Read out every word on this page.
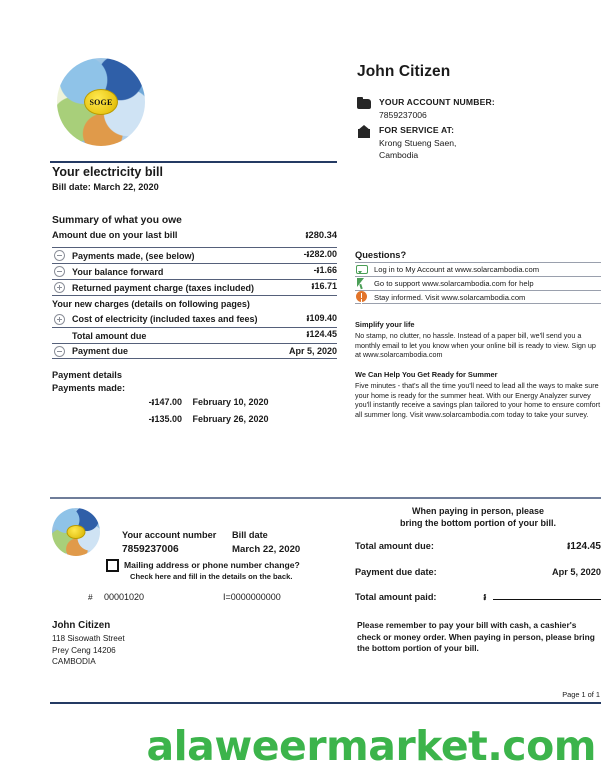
SOGE
John Citizen
YOUR ACCOUNT NUMBER:
7859237006
FOR SERVICE AT:
Krong Stueng Saen,
Cambodia
Your electricity bill
Bill date: March 22, 2020
Summary of what you owe
Amount due on your last bill	៛280.34
Payments made, (see below)	-៛282.00
Your balance forward	-៛1.66
Returned payment charge (taxes included)	៛16.71
Your new charges (details on following pages)
Cost of electricity (included taxes and fees)	៛109.40
Total amount due	៛124.45
Payment due	Apr 5, 2020
Payment details
Payments made:
-៛147.00 February 10, 2020
-៛135.00 February 26, 2020
Questions?
Log in to My Account at www.solarcambodia.com
Go to support www.solarcambodia.com for help
Stay informed. Visit www.solarcambodia.com
Simplify your life

No stamp, no clutter, no hassle. Instead of a paper bill, we'll send you a monthly email to let you know when your online bill is ready to view. Sign up at www.solarcambodia.com

We Can Help You Get Ready for Summer

Five minutes - that's all the time you'll need to lead all the ways to make sure your home is ready for the summer heat. With our Energy Analyzer survey you'll instantly receive a savings plan tailored to your home to ensure comfort all summer long. Visit www.solarcambodia.com today to take your survey.

Your account number
7859237006
Bill date
March 22, 2020
Mailing address or phone number change?
Check here and fill in the details on the back.
# 00001020	I=0000000000
John Citizen
118 Sisowath Street
Prey Ceng 14206
CAMBODIA
When paying in person, please
bring the bottom portion of your bill.
Total amount due:	៛124.45
Payment due date:	Apr 5, 2020
Total amount paid:	៛
Please remember to pay your bill with cash, a cashier's check or money order. When paying in person, please bring the bottom portion of your bill.
Page 1 of 1
alaweermarket.com
